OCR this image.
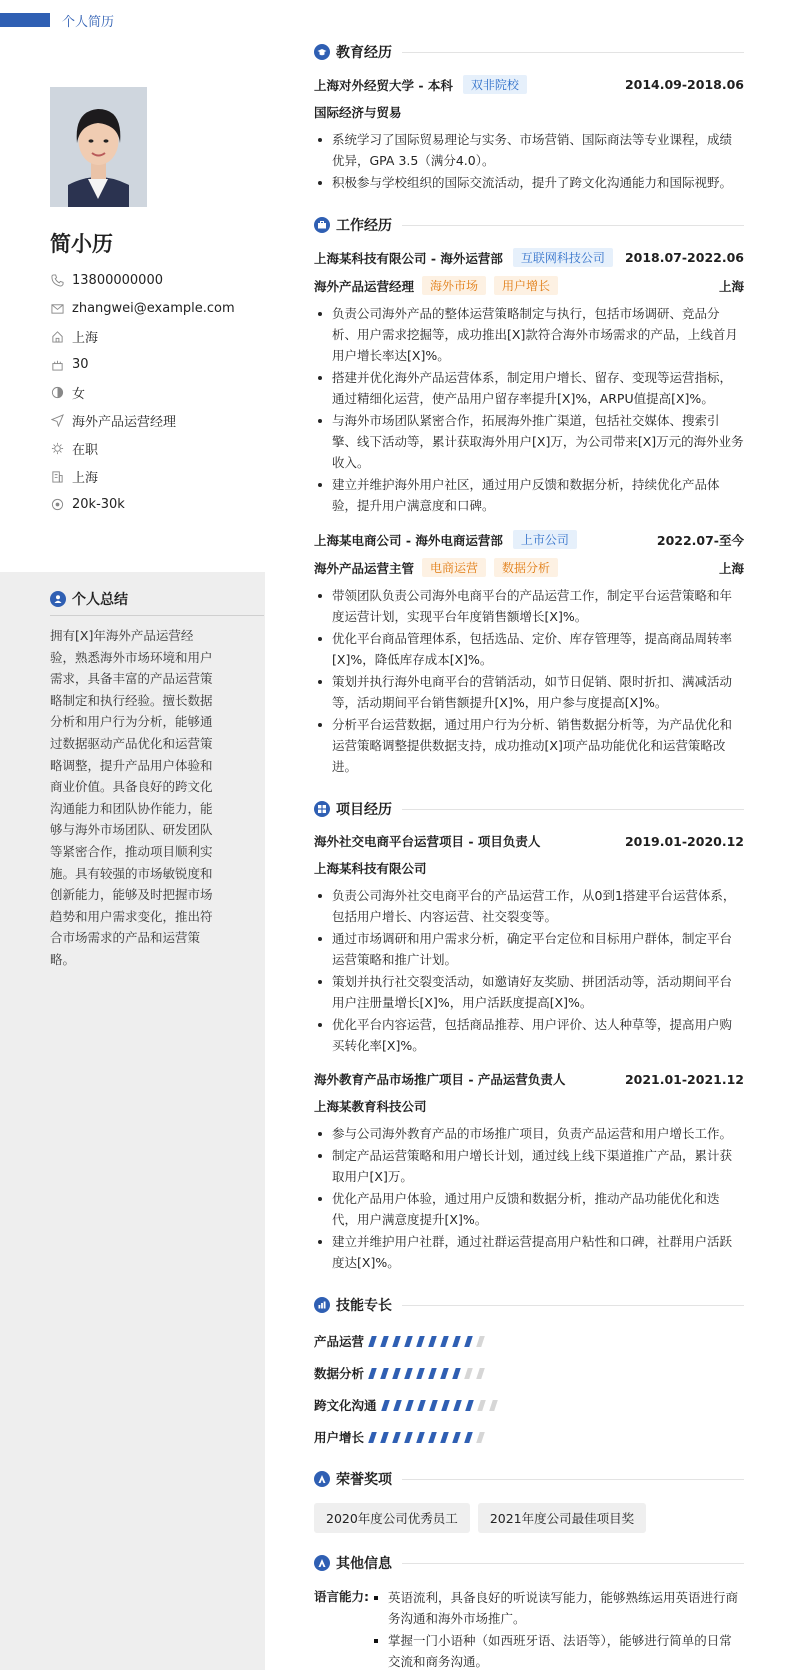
个人简历
简小历
13800000000
zhangwei@example.com
上海
30
女
海外产品运营经理
在职
上海
20k-30k
个人总结
拥有[X]年海外产品运营经验，熟悉海外市场环境和用户需求，具备丰富的产品运营策略制定和执行经验。擅长数据分析和用户行为分析，能够通过数据驱动产品优化和运营策略调整，提升产品用户体验和商业价值。具备良好的跨文化沟通能力和团队协作能力，能够与海外市场团队、研发团队等紧密合作，推动项目顺利实施。具有较强的市场敏锐度和创新能力，能够及时把握市场趋势和用户需求变化，推出符合市场需求的产品和运营策略。
教育经历
上海对外经贸大学 - 本科	双非院校	2014.09-2018.06
国际经济与贸易
系统学习了国际贸易理论与实务、市场营销、国际商法等专业课程，成绩优异，GPA 3.5（满分4.0）。
积极参与学校组织的国际交流活动，提升了跨文化沟通能力和国际视野。
工作经历
上海某科技有限公司 - 海外运营部	互联网科技公司	2018.07-2022.06
海外产品运营经理	海外市场	用户增长	上海
负责公司海外产品的整体运营策略制定与执行，包括市场调研、竞品分析、用户需求挖掘等，成功推出[X]款符合海外市场需求的产品，上线首月用户增长率达[X]%。
搭建并优化海外产品运营体系，制定用户增长、留存、变现等运营指标，通过精细化运营，使产品用户留存率提升[X]%，ARPU值提高[X]%。
与海外市场团队紧密合作，拓展海外推广渠道，包括社交媒体、搜索引擎、线下活动等，累计获取海外用户[X]万，为公司带来[X]万元的海外业务收入。
建立并维护海外用户社区，通过用户反馈和数据分析，持续优化产品体验，提升用户满意度和口碑。
上海某电商公司 - 海外电商运营部	上市公司	2022.07-至今
海外产品运营主管	电商运营	数据分析	上海
带领团队负责公司海外电商平台的产品运营工作，制定平台运营策略和年度运营计划，实现平台年度销售额增长[X]%。
优化平台商品管理体系，包括选品、定价、库存管理等，提高商品周转率[X]%，降低库存成本[X]%。
策划并执行海外电商平台的营销活动，如节日促销、限时折扣、满减活动等，活动期间平台销售额提升[X]%，用户参与度提高[X]%。
分析平台运营数据，通过用户行为分析、销售数据分析等，为产品优化和运营策略调整提供数据支持，成功推动[X]项产品功能优化和运营策略改进。
项目经历
海外社交电商平台运营项目 - 项目负责人	2019.01-2020.12
上海某科技有限公司
负责公司海外社交电商平台的产品运营工作，从0到1搭建平台运营体系，包括用户增长、内容运营、社交裂变等。
通过市场调研和用户需求分析，确定平台定位和目标用户群体，制定平台运营策略和推广计划。
策划并执行社交裂变活动，如邀请好友奖励、拼团活动等，活动期间平台用户注册量增长[X]%，用户活跃度提高[X]%。
优化平台内容运营，包括商品推荐、用户评价、达人种草等，提高用户购买转化率[X]%。
海外教育产品市场推广项目 - 产品运营负责人	2021.01-2021.12
上海某教育科技公司
参与公司海外教育产品的市场推广项目，负责产品运营和用户增长工作。
制定产品运营策略和用户增长计划，通过线上线下渠道推广产品，累计获取用户[X]万。
优化产品用户体验，通过用户反馈和数据分析，推动产品功能优化和迭代，用户满意度提升[X]%。
建立并维护用户社群，通过社群运营提高用户粘性和口碑，社群用户活跃度达[X]%。
技能专长
产品运营
数据分析
跨文化沟通
用户增长
荣誉奖项
2020年度公司优秀员工	2021年度公司最佳项目奖
其他信息
语言能力:	英语流利，具备良好的听说读写能力，能够熟练运用英语进行商务沟通和海外市场推广。
掌握一门小语种（如西班牙语、法语等），能够进行简单的日常交流和商务沟通。
